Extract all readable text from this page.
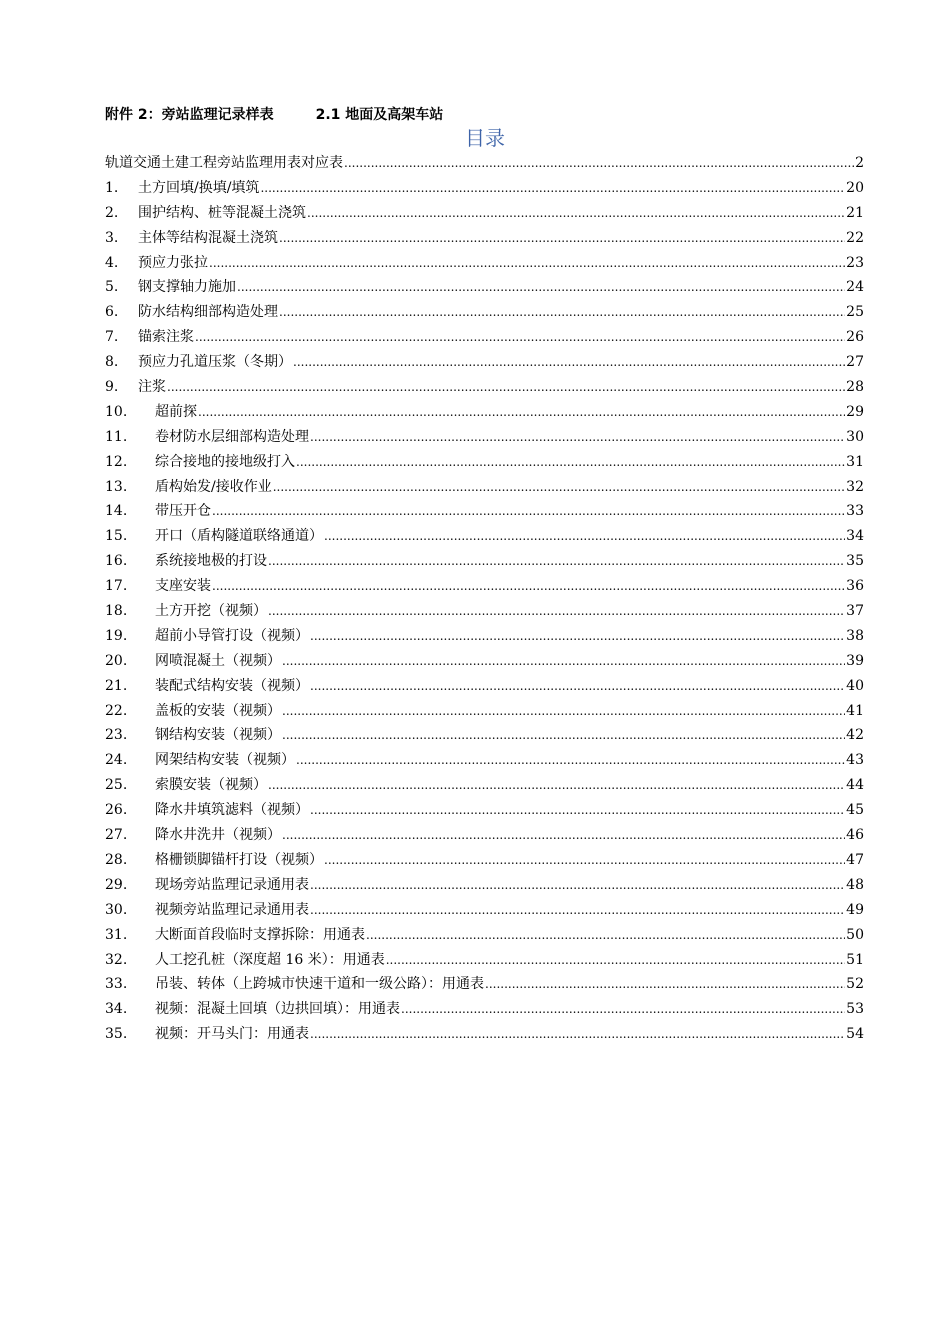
附件 2：旁站监理记录样表	2.1 地面及高架车站
目录
轨道交通土建工程旁站监理用表对应表 .....	2
1.	土方回填/换填/填筑 .....	20
2.	围护结构、桩等混凝土浇筑 .....	21
3.	主体等结构混凝土浇筑 .....	22
4.	预应力张拉 .....	23
5.	钢支撑轴力施加 .....	24
6.	防水结构细部构造处理 .....	25
7.	锚索注浆 .....	26
8.	预应力孔道压浆（冬期） .....	27
9.	注浆 .....	28
10.	超前探 .....	29
11.	卷材防水层细部构造处理 .....	30
12.	综合接地的接地级打入 .....	31
13.	盾构始发/接收作业 .....	32
14.	带压开仓 .....	33
15.	开口（盾构隧道联络通道） .....	34
16.	系统接地极的打设 .....	35
17.	支座安装 .....	36
18.	土方开挖（视频） .....	37
19.	超前小导管打设（视频） .....	38
20.	网喷混凝土（视频） .....	39
21.	装配式结构安装（视频） .....	40
22.	盖板的安装（视频） .....	41
23.	钢结构安装（视频） .....	42
24.	网架结构安装（视频） .....	43
25.	索膜安装（视频） .....	44
26.	降水井填筑滤料（视频） .....	45
27.	降水井洗井（视频） .....	46
28.	格栅锁脚锚杆打设（视频） .....	47
29.	现场旁站监理记录通用表 .....	48
30.	视频旁站监理记录通用表 .....	49
31.	大断面首段临时支撑拆除：用通表 .....	50
32.	人工挖孔桩（深度超 16 米）：用通表 .....	51
33.	吊装、转体（上跨城市快速干道和一级公路）：用通表 .....	52
34.	视频：混凝土回填（边拱回填）：用通表 .....	53
35.	视频：开马头门：用通表 .....	54
